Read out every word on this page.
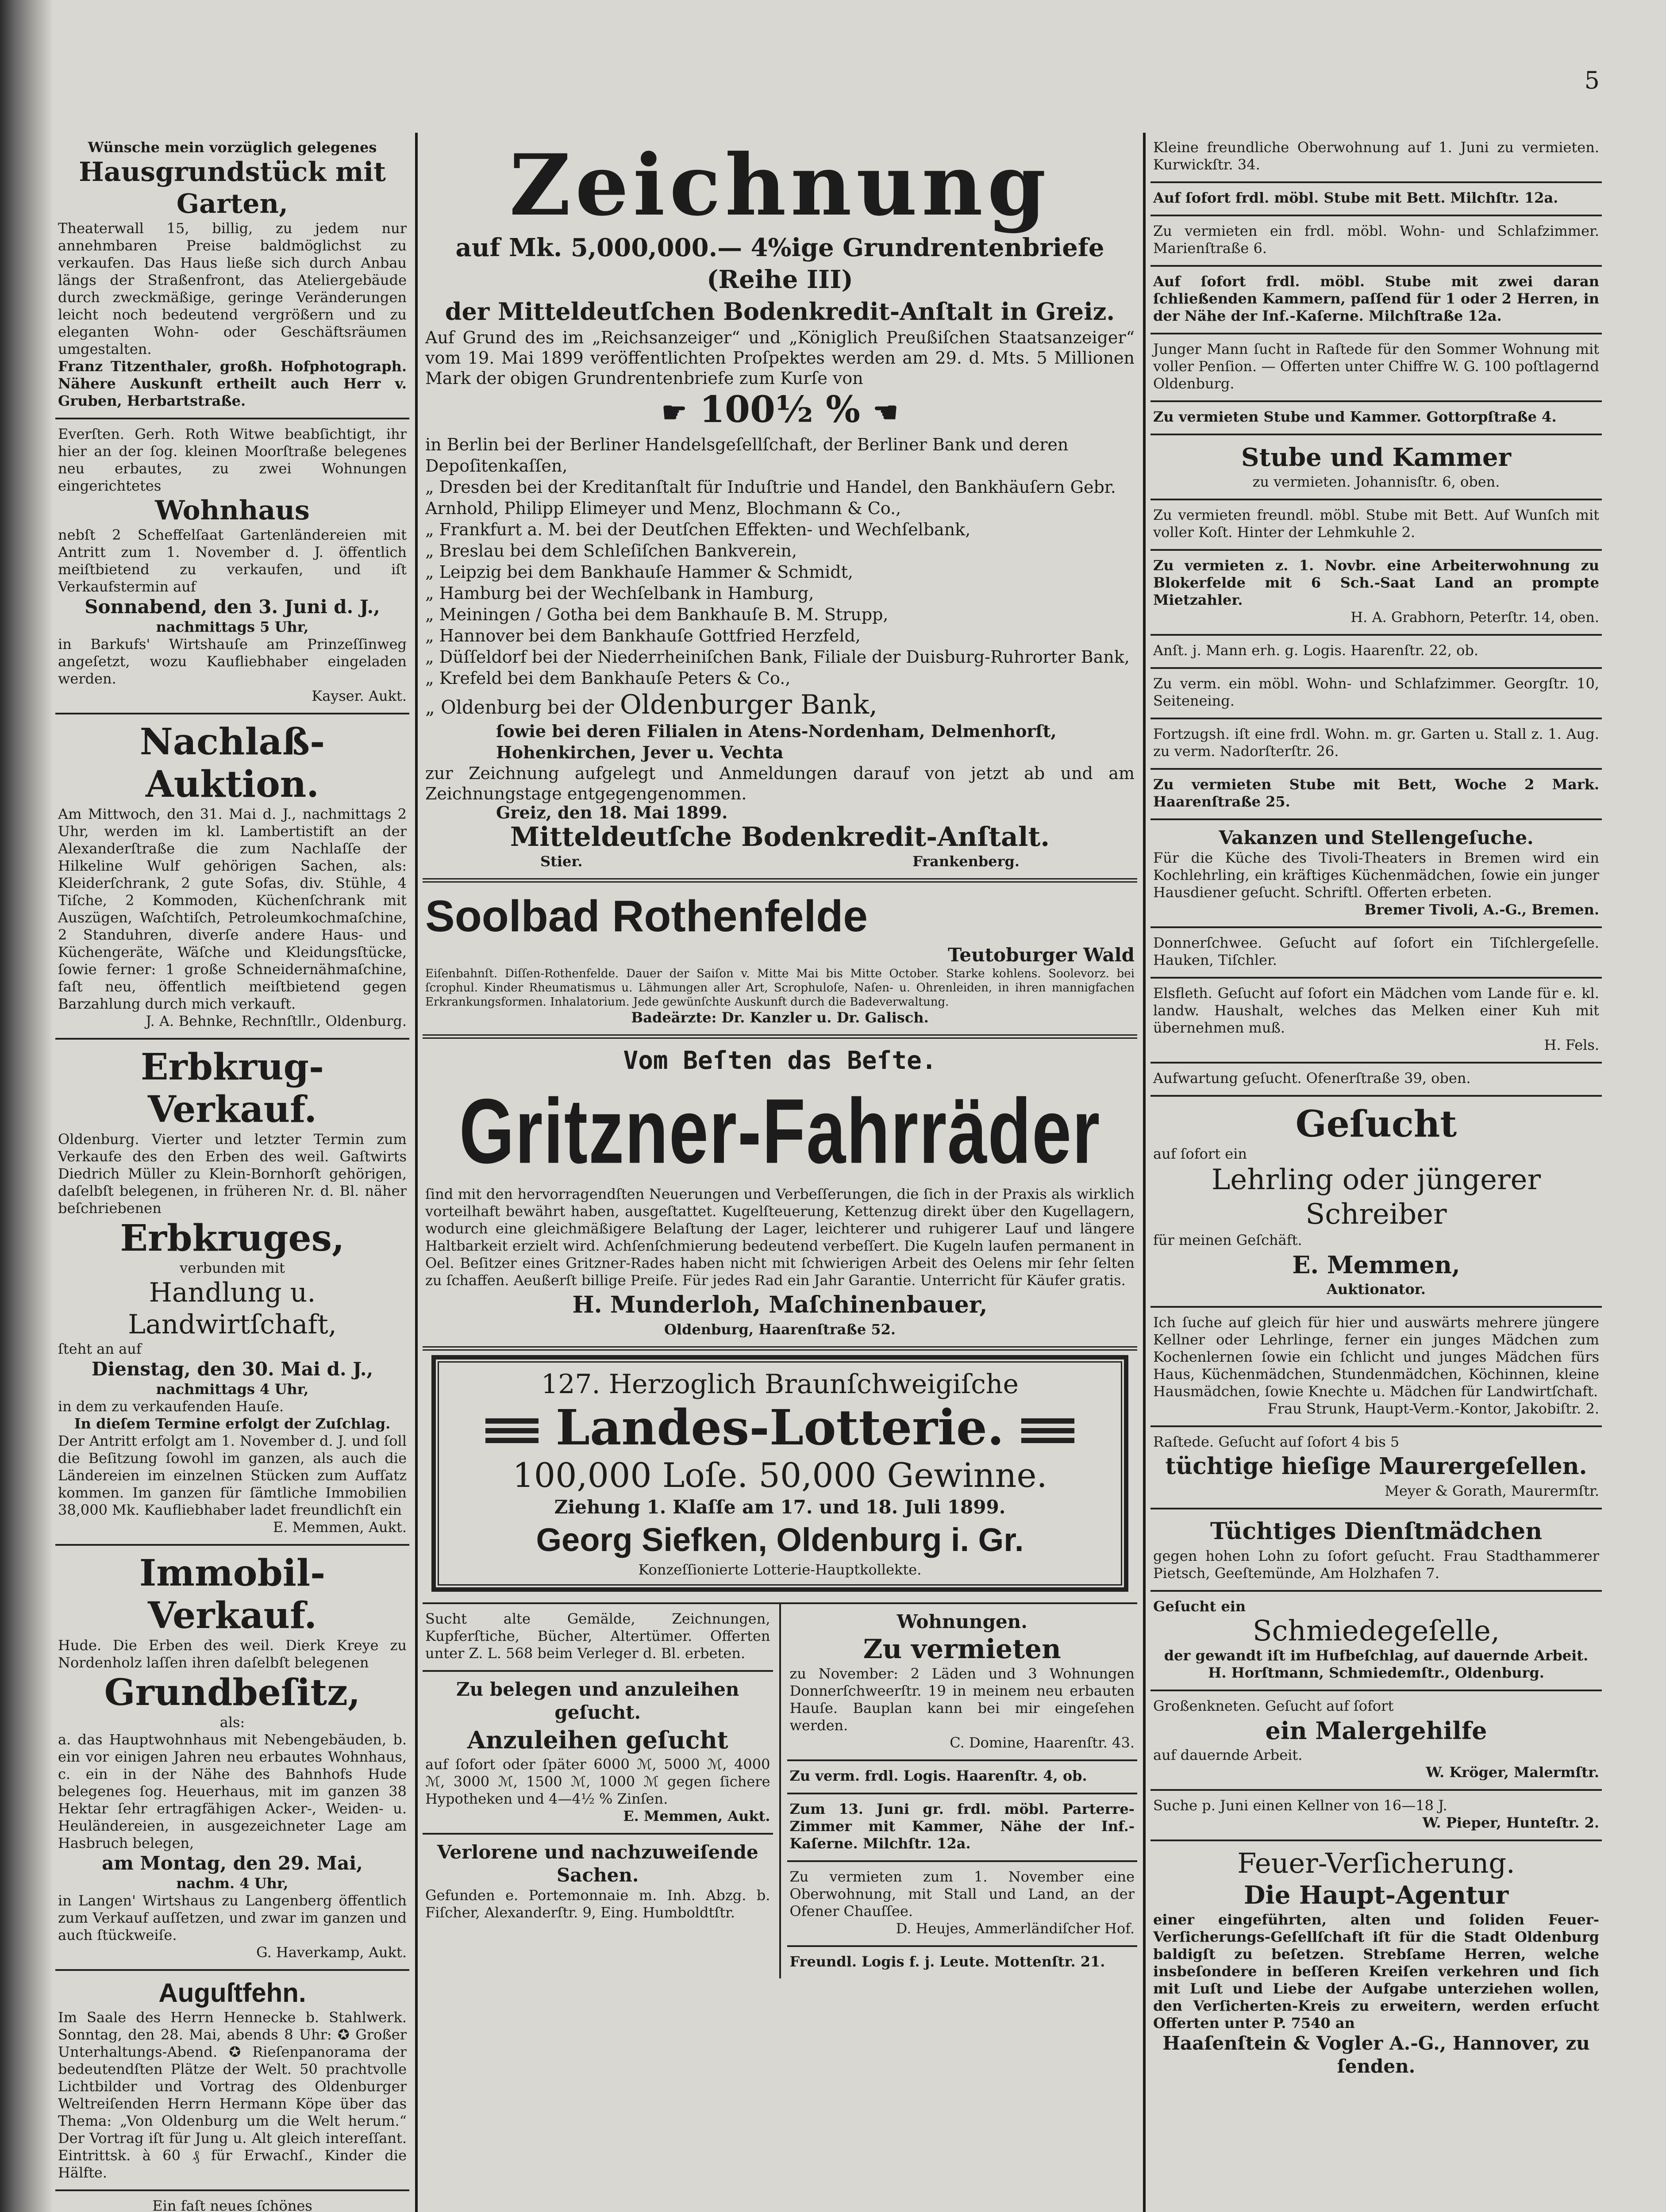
5

Wünsche mein vorzüglich gelegenes

Hausgrundstück mit Garten,

Theaterwall 15, billig, zu jedem nur annehmbaren Preise baldmöglichst zu verkaufen. Das Haus ließe sich durch Anbau längs der Straßenfront, das Ateliergebäude durch zweckmäßige, geringe Veränderungen leicht noch bedeutend vergrößern und zu eleganten Wohn- oder Geschäftsräumen umgestalten.

Franz Titzenthaler, großh. Hofphotograph. Nähere Auskunft ertheilt auch Herr v. Gruben, Herbartstraße.

Everſten. Gerh. Roth Witwe beabſichtigt, ihr hier an der ſog. kleinen Moorſtraße belegenes neu erbautes, zu zwei Wohnungen eingerichtetes

Wohnhaus

nebſt 2 Scheffelſaat Gartenländereien mit Antritt zum 1. November d. J. öffentlich meiſtbietend zu verkaufen, und iſt Verkaufstermin auf

Sonnabend, den 3. Juni d. J.,

nachmittags 5 Uhr,

in Barkufs' Wirtshauſe am Prinzeſſinweg angeſetzt, wozu Kaufliebhaber eingeladen werden.

Kayser. Aukt.

Nachlaß-Auktion.

Am Mittwoch, den 31. Mai d. J., nachmittags 2 Uhr, werden im kl. Lambertistift an der Alexanderſtraße die zum Nachlaſſe der Hilkeline Wulf gehörigen Sachen, als: Kleiderſchrank, 2 gute Sofas, div. Stühle, 4 Tiſche, 2 Kommoden, Küchenſchrank mit Auszügen, Waſchtiſch, Petroleumkochmaſchine, 2 Standuhren, diverſe andere Haus- und Küchengeräte, Wäſche und Kleidungsſtücke, ſowie ferner: 1 große Schneidernähmaſchine, faſt neu, öffentlich meiſtbietend gegen Barzahlung durch mich verkauft.

J. A. Behnke, Rechnſtllr., Oldenburg.

Erbkrug-Verkauf.

Oldenburg. Vierter und letzter Termin zum Verkaufe des den Erben des weil. Gaſtwirts Diedrich Müller zu Klein-Bornhorſt gehörigen, daſelbſt belegenen, in früheren Nr. d. Bl. näher beſchriebenen

Erbkruges,

verbunden mit

Handlung u. Landwirtſchaft,

ſteht an auf

Dienstag, den 30. Mai d. J.,

nachmittags 4 Uhr,

in dem zu verkaufenden Hauſe.

In dieſem Termine erfolgt der Zuſchlag.

Der Antritt erfolgt am 1. November d. J. und ſoll die Beſitzung ſowohl im ganzen, als auch die Ländereien im einzelnen Stücken zum Aufſatz kommen. Im ganzen für ſämtliche Immobilien 38,000 Mk. Kaufliebhaber ladet freundlichſt ein

E. Memmen, Aukt.

Immobil-Verkauf.

Hude. Die Erben des weil. Dierk Kreye zu Nordenholz laſſen ihren daſelbſt belegenen

Grundbeſitz,

als:

a. das Hauptwohnhaus mit Nebengebäuden, b. ein vor einigen Jahren neu erbautes Wohnhaus, c. ein in der Nähe des Bahnhofs Hude belegenes ſog. Heuerhaus, mit im ganzen 38 Hektar ſehr ertragfähigen Acker-, Weiden- u. Heuländereien, in ausgezeichneter Lage am Hasbruch belegen,

am Montag, den 29. Mai,

nachm. 4 Uhr,

in Langen' Wirtshaus zu Langenberg öffentlich zum Verkauf auſſetzen, und zwar im ganzen und auch ſtückweiſe.

G. Haverkamp, Aukt.

Auguſtfehn.

Im Saale des Herrn Hennecke b. Stahlwerk. Sonntag, den 28. Mai, abends 8 Uhr: ✪ Großer Unterhaltungs-Abend. ✪ Rieſenpanorama der bedeutendſten Plätze der Welt. 50 prachtvolle Lichtbilder und Vortrag des Oldenburger Weltreiſenden Herrn Hermann Köpe über das Thema: „Von Oldenburg um die Welt herum.“ Der Vortrag iſt für Jung u. Alt gleich intereſſant. Eintrittsk. à 60 ₰ für Erwachſ., Kinder die Hälfte.

Ein faſt neues ſchönes

Zeichnung

auf Mk. 5,000,000.— 4%ige Grundrentenbriefe (Reihe III)

der Mitteldeutſchen Bodenkredit-Anſtalt in Greiz.

Auf Grund des im „Reichsanzeiger“ und „Königlich Preußiſchen Staatsanzeiger“ vom 19. Mai 1899 veröffentlichten Proſpektes werden am 29. d. Mts. 5 Millionen Mark der obigen Grundrentenbriefe zum Kurſe von

☛ 100½ % ☚

in Berlin bei der Berliner Handelsgeſellſchaft, der Berliner Bank und deren Depoſitenkaſſen,

„ Dresden bei der Kreditanſtalt für Induſtrie und Handel, den Bankhäuſern Gebr. Arnhold, Philipp Elimeyer und Menz, Blochmann & Co.,

„ Frankfurt a. M. bei der Deutſchen Effekten- und Wechſelbank,

„ Breslau bei dem Schleſiſchen Bankverein,

„ Leipzig bei dem Bankhauſe Hammer & Schmidt,

„ Hamburg bei der Wechſelbank in Hamburg,

„ Meiningen / Gotha bei dem Bankhauſe B. M. Strupp,

„ Hannover bei dem Bankhauſe Gottfried Herzfeld,

„ Düſſeldorf bei der Niederrheiniſchen Bank, Filiale der Duisburg-Ruhrorter Bank,

„ Krefeld bei dem Bankhauſe Peters & Co.,

„ Oldenburg bei der Oldenburger Bank,

ſowie bei deren Filialen in Atens-Nordenham, Delmenhorſt, Hohenkirchen, Jever u. Vechta

zur Zeichnung aufgelegt und Anmeldungen darauf von jetzt ab und am Zeichnungstage entgegengenommen.

Greiz, den 18. Mai 1899.

Mitteldeutſche Bodenkredit-Anſtalt.

Stier.	Frankenberg.

Soolbad Rothenfelde

Teutoburger Wald

Eiſenbahnſt. Diſſen-Rothenfelde. Dauer der Saiſon v. Mitte Mai bis Mitte October. Starke kohlens. Soolevorz. bei ſcrophul. Kinder Rheumatismus u. Lähmungen aller Art, Scrophuloſe, Naſen- u. Ohrenleiden, in ihren mannigfachen Erkrankungsformen. Inhalatorium. Jede gewünſchte Auskunft durch die Badeverwaltung.

Badeärzte: Dr. Kanzler u. Dr. Galisch.

Vom Beſten das Beſte.

Gritzner-Fahrräder

ſind mit den hervorragendſten Neuerungen und Verbeſſerungen, die ſich in der Praxis als wirklich vorteilhaft bewährt haben, ausgeſtattet. Kugelſteuerung, Kettenzug direkt über den Kugellagern, wodurch eine gleichmäßigere Belaſtung der Lager, leichterer und ruhigerer Lauf und längere Haltbarkeit erzielt wird. Achſenſchmierung bedeutend verbeſſert. Die Kugeln laufen permanent in Oel. Beſitzer eines Gritzner-Rades haben nicht mit ſchwierigen Arbeit des Oelens mir ſehr ſelten zu ſchaffen. Aeußerſt billige Preiſe. Für jedes Rad ein Jahr Garantie. Unterricht für Käufer gratis.

H. Munderloh, Maſchinenbauer,

Oldenburg, Haarenſtraße 52.

127. Herzoglich Braunſchweigiſche

Landes-Lotterie.

100,000 Loſe. 50,000 Gewinne.

Ziehung 1. Klaſſe am 17. und 18. Juli 1899.

Georg Siefken, Oldenburg i. Gr.

Konzeſſionierte Lotterie-Hauptkollekte.

Sucht alte Gemälde, Zeichnungen, Kupferſtiche, Bücher, Altertümer. Offerten unter Z. L. 568 beim Verleger d. Bl. erbeten.

Zu belegen und anzuleihen geſucht.

Anzuleihen geſucht

auf ſofort oder ſpäter 6000 ℳ, 5000 ℳ, 4000 ℳ, 3000 ℳ, 1500 ℳ, 1000 ℳ gegen ſichere Hypotheken und 4—4½ % Zinſen.

E. Memmen, Aukt.

Verlorene und nachzuweiſende Sachen.

Gefunden e. Portemonnaie m. Inh. Abzg. b. Fiſcher, Alexanderſtr. 9, Eing. Humboldtſtr.

Wohnungen.

Zu vermieten

zu November: 2 Läden und 3 Wohnungen Donnerſchweerſtr. 19 in meinem neu erbauten Hauſe. Bauplan kann bei mir eingeſehen werden.

C. Domine, Haarenſtr. 43.

Zu verm. frdl. Logis. Haarenſtr. 4, ob.

Zum 13. Juni gr. frdl. möbl. Parterre-Zimmer mit Kammer, Nähe der Inf.-Kaſerne. Milchſtr. 12a.

Zu vermieten zum 1. November eine Oberwohnung, mit Stall und Land, an der Ofener Chauſſee.

D. Heujes, Ammerländiſcher Hof.

Freundl. Logis f. j. Leute. Mottenſtr. 21.

Kleine freundliche Oberwohnung auf 1. Juni zu vermieten. Kurwickſtr. 34.

Auf ſofort frdl. möbl. Stube mit Bett. Milchſtr. 12a.

Zu vermieten ein frdl. möbl. Wohn- und Schlafzimmer. Marienſtraße 6.

Auf ſofort frdl. möbl. Stube mit zwei daran ſchließenden Kammern, paſſend für 1 oder 2 Herren, in der Nähe der Inf.-Kaſerne. Milchſtraße 12a.

Junger Mann ſucht in Raſtede für den Sommer Wohnung mit voller Penſion. — Offerten unter Chiffre W. G. 100 poſtlagernd Oldenburg.

Zu vermieten Stube und Kammer. Gottorpſtraße 4.

Stube und Kammer

zu vermieten. Johannisſtr. 6, oben.

Zu vermieten freundl. möbl. Stube mit Bett. Auf Wunſch mit voller Koſt. Hinter der Lehmkuhle 2.

Zu vermieten z. 1. Novbr. eine Arbeiterwohnung zu Blokerfelde mit 6 Sch.-Saat Land an prompte Mietzahler.

H. A. Grabhorn, Peterſtr. 14, oben.

Anſt. j. Mann erh. g. Logis. Haarenſtr. 22, ob.

Zu verm. ein möbl. Wohn- und Schlafzimmer. Georgſtr. 10, Seiteneing.

Fortzugsh. iſt eine frdl. Wohn. m. gr. Garten u. Stall z. 1. Aug. zu verm. Nadorſterſtr. 26.

Zu vermieten Stube mit Bett, Woche 2 Mark. Haarenſtraße 25.

Vakanzen und Stellengeſuche.

Für die Küche des Tivoli-Theaters in Bremen wird ein Kochlehrling, ein kräftiges Küchenmädchen, ſowie ein junger Hausdiener geſucht. Schriftl. Offerten erbeten.

Bremer Tivoli, A.-G., Bremen.

Donnerſchwee. Geſucht auf ſofort ein Tiſchlergeſelle. Hauken, Tiſchler.

Elsfleth. Geſucht auf ſofort ein Mädchen vom Lande für e. kl. landw. Haushalt, welches das Melken einer Kuh mit übernehmen muß.

H. Fels.

Aufwartung geſucht. Ofenerſtraße 39, oben.

Geſucht

auf ſofort ein

Lehrling oder jüngerer Schreiber

für meinen Geſchäft.

E. Memmen,

Auktionator.

Ich ſuche auf gleich für hier und auswärts mehrere jüngere Kellner oder Lehrlinge, ferner ein junges Mädchen zum Kochenlernen ſowie ein ſchlicht und junges Mädchen fürs Haus, Küchenmädchen, Stundenmädchen, Köchinnen, kleine Hausmädchen, ſowie Knechte u. Mädchen für Landwirtſchaft.

Frau Strunk, Haupt-Verm.-Kontor, Jakobiſtr. 2.

Raſtede. Geſucht auf ſofort 4 bis 5

tüchtige hieſige Maurergeſellen.

Meyer & Gorath, Maurermſtr.

Tüchtiges Dienſtmädchen

gegen hohen Lohn zu ſofort geſucht. Frau Stadthammerer Pietsch, Geeſtemünde, Am Holzhafen 7.

Geſucht ein

Schmiedegeſelle,

der gewandt iſt im Hufbeſchlag, auf dauernde Arbeit.

H. Horſtmann, Schmiedemſtr., Oldenburg.

Großenkneten. Geſucht auf ſofort

ein Malergehilfe

auf dauernde Arbeit.

W. Kröger, Malermſtr.

Suche p. Juni einen Kellner von 16—18 J.

W. Pieper, Hunteſtr. 2.

Feuer-Verſicherung.

Die Haupt-Agentur

einer eingeführten, alten und ſoliden Feuer-Verſicherungs-Geſellſchaft iſt für die Stadt Oldenburg baldigſt zu beſetzen. Strebſame Herren, welche insbeſondere in beſſeren Kreiſen verkehren und ſich mit Luſt und Liebe der Aufgabe unterziehen wollen, den Verſicherten-Kreis zu erweitern, werden erſucht Offerten unter P. 7540 an

Haaſenſtein & Vogler A.-G., Hannover, zu ſenden.
